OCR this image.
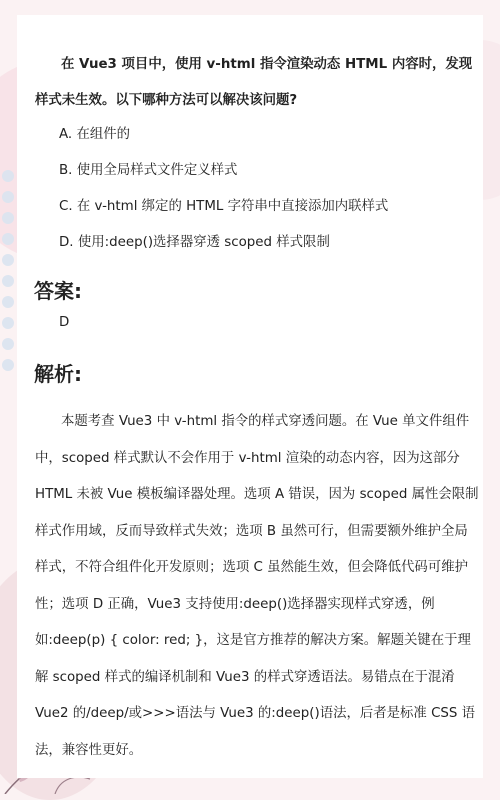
在 Vue3 项目中，使用 v-html 指令渲染动态 HTML 内容时，发现样式未生效。以下哪种方法可以解决该问题?
A. 在组件的
B. 使用全局样式文件定义样式
C. 在 v-html 绑定的 HTML 字符串中直接添加内联样式
D. 使用:deep()选择器穿透 scoped 样式限制
答案:
D
解析:
本题考查 Vue3 中 v-html 指令的样式穿透问题。在 Vue 单文件组件中，scoped 样式默认不会作用于 v-html 渲染的动态内容，因为这部分 HTML 未被 Vue 模板编译器处理。选项 A 错误，因为 scoped 属性会限制样式作用域，反而导致样式失效；选项 B 虽然可行，但需要额外维护全局样式，不符合组件化开发原则；选项 C 虽然能生效，但会降低代码可维护性；选项 D 正确，Vue3 支持使用:deep()选择器实现样式穿透，例如:deep(p) { color: red; }，这是官方推荐的解决方案。解题关键在于理解 scoped 样式的编译机制和 Vue3 的样式穿透语法。易错点在于混淆 Vue2 的/deep/或>>>语法与 Vue3 的:deep()语法，后者是标准 CSS 语法，兼容性更好。
